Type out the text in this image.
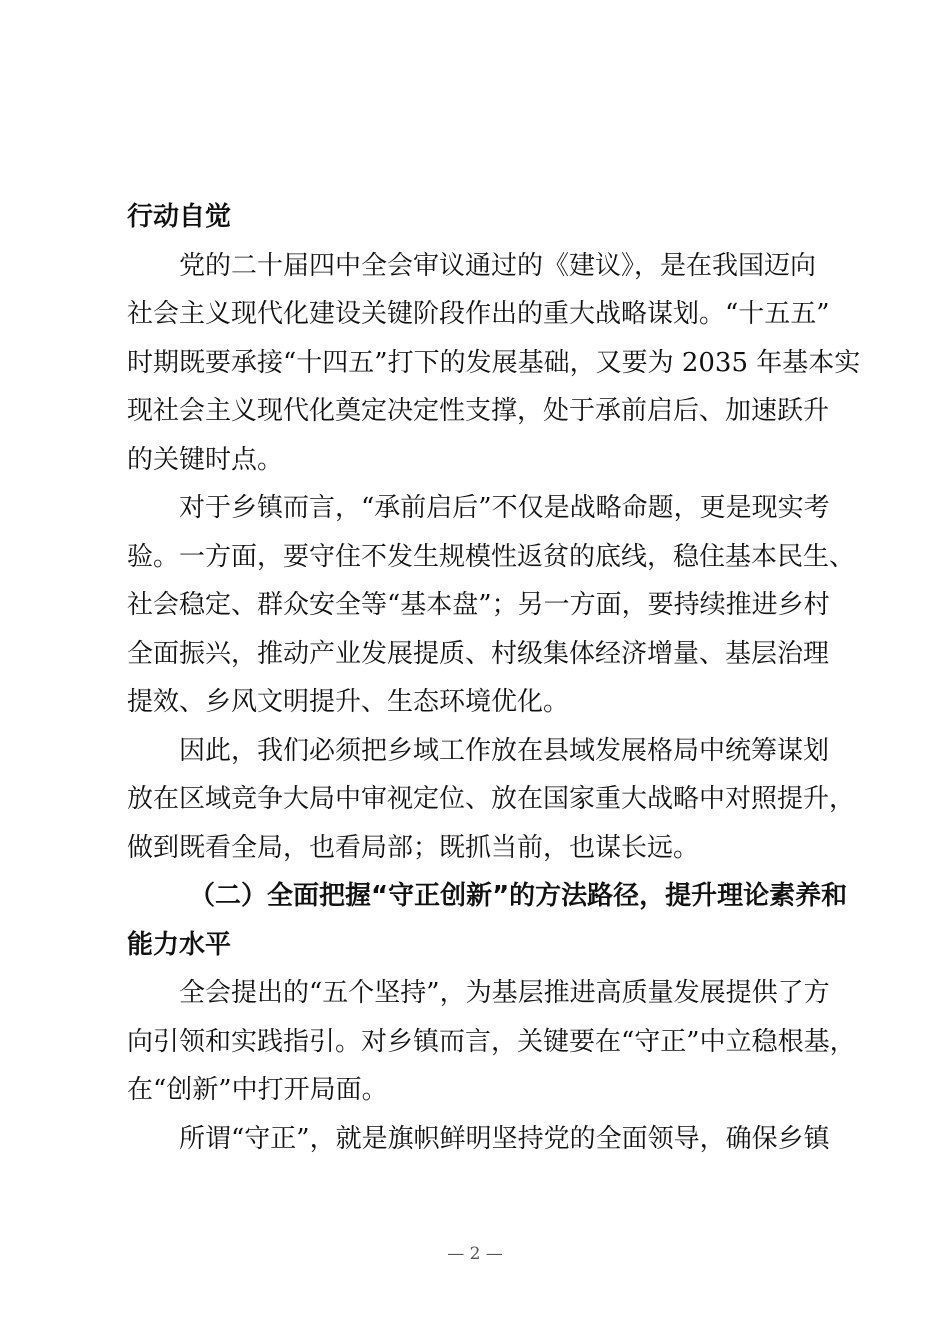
行动自觉
党的二十届四中全会审议通过的《建议》，是在我国迈向
社会主义现代化建设关键阶段作出的重大战略谋划。“十五五”
时期既要承接“十四五”打下的发展基础，又要为 2035 年基本实
现社会主义现代化奠定决定性支撑，处于承前启后、加速跃升
的关键时点。
对于乡镇而言，“承前启后”不仅是战略命题，更是现实考
验。一方面，要守住不发生规模性返贫的底线，稳住基本民生、
社会稳定、群众安全等“基本盘”；另一方面，要持续推进乡村
全面振兴，推动产业发展提质、村级集体经济增量、基层治理
提效、乡风文明提升、生态环境优化。
因此，我们必须把乡域工作放在县域发展格局中统筹谋划
放在区域竞争大局中审视定位、放在国家重大战略中对照提升，
做到既看全局，也看局部；既抓当前，也谋长远。
（二）全面把握“守正创新”的方法路径，提升理论素养和
能力水平
全会提出的“五个坚持”，为基层推进高质量发展提供了方
向引领和实践指引。对乡镇而言，关键要在“守正”中立稳根基，
在“创新”中打开局面。
所谓“守正”，就是旗帜鲜明坚持党的全面领导，确保乡镇
— 2 —
